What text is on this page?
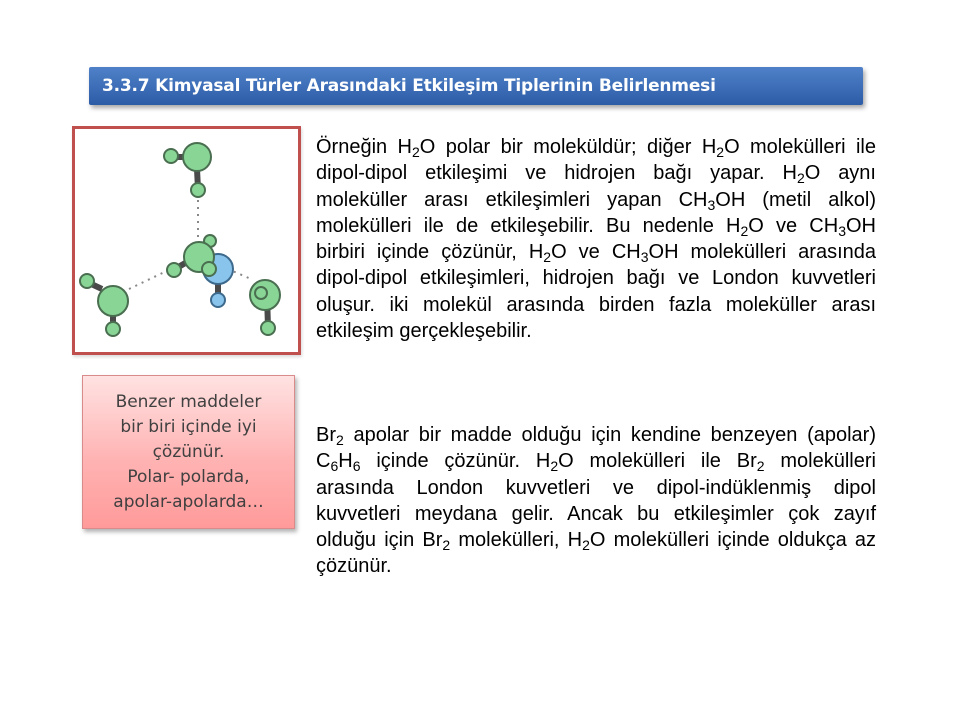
3.3.7 Kimyasal Türler Arasındaki Etkileşim Tiplerinin Belirlenmesi
Benzer maddeler
bir biri içinde iyi
çözünür.
Polar- polarda,
apolar-apolarda…

Örneğin $H_2O$ polar bir moleküldür; diğer $H_2O$ molekülleri ile dipol-dipol etkileşimi ve hidrojen bağı yapar. $H_2O$ aynı moleküller arası etkileşimleri yapan $CH_3OH$ (metil alkol) molekülleri ile de etkileşebilir. Bu nedenle $H_2O$ ve $CH_3OH$ birbiri içinde çözünür, $H_2O$ ve $CH_3OH$ molekülleri arasında dipol-dipol etkileşimleri, hidrojen bağı ve London kuvvetleri oluşur. iki molekül arasında birden fazla moleküller arası etkileşim gerçekleşebilir.

$Br_2$ apolar bir madde olduğu için kendine benzeyen (apolar) $C_6H_6$ içinde çözünür. $H_2O$ molekülleri ile $Br_2$ molekülleri arasında London kuvvetleri ve dipol-indüklenmiş dipol kuvvetleri meydana gelir. Ancak bu etkileşimler çok zayıf olduğu için $Br_2$ molekülleri, $H_2O$ molekülleri içinde oldukça az çözünür.
